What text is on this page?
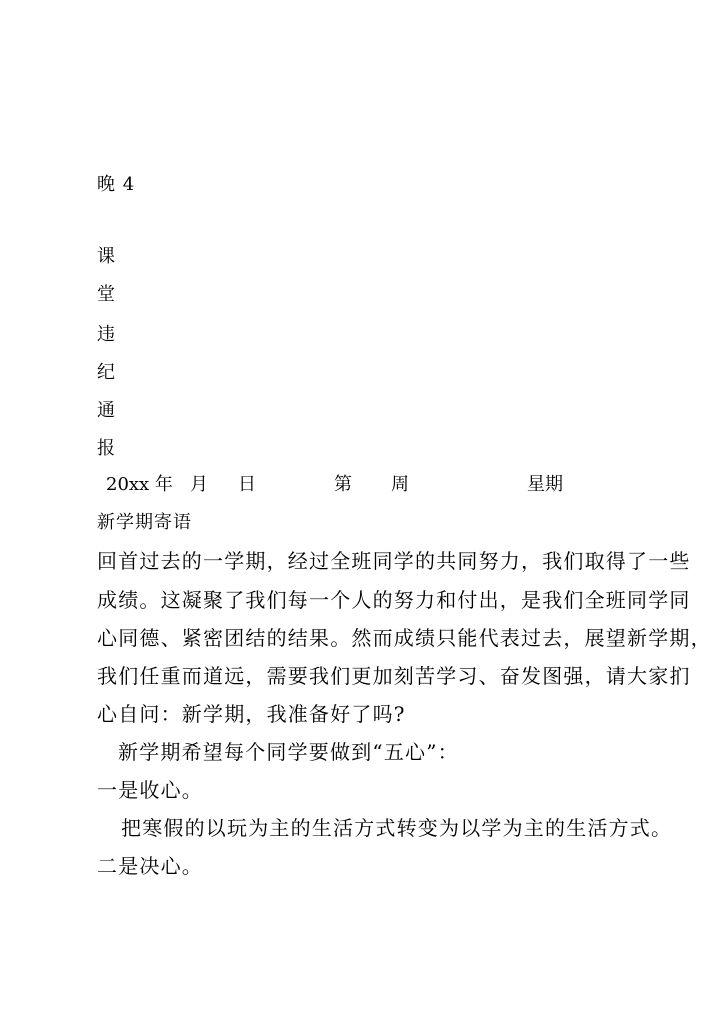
晚 4
课
堂
违
纪
通
报
20xx 年 月 日	第 周	星期
新学期寄语
回首过去的一学期，经过全班同学的共同努力，我们取得了一些
成绩。这凝聚了我们每一个人的努力和付出，是我们全班同学同
心同德、紧密团结的结果。然而成绩只能代表过去，展望新学期，
我们任重而道远，需要我们更加刻苦学习、奋发图强，请大家扪
心自问：新学期，我准备好了吗?
新学期希望每个同学要做到“五心”：
一是收心。
把寒假的以玩为主的生活方式转变为以学为主的生活方式。
二是决心。
